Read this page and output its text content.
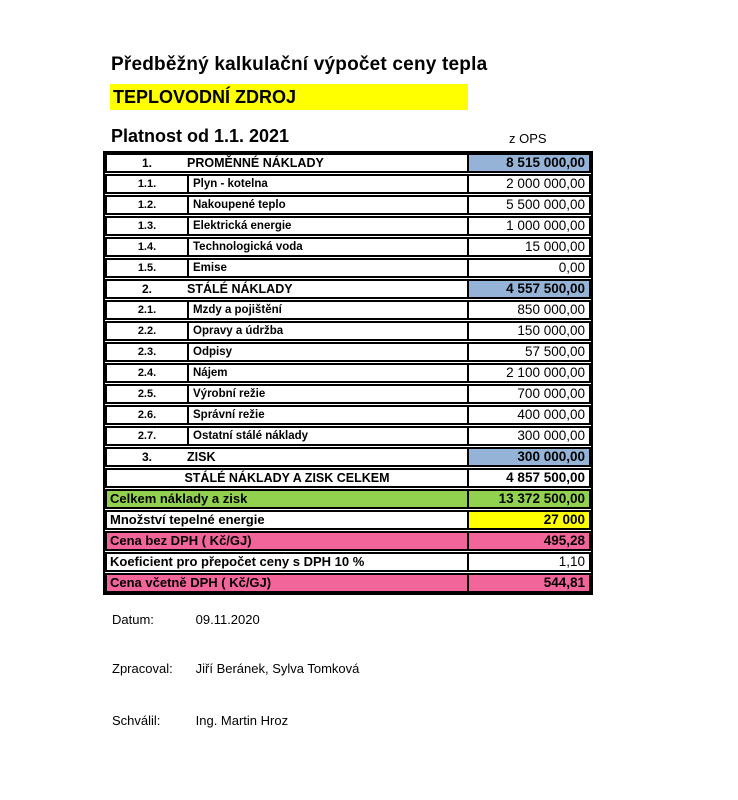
Předběžný kalkulační výpočet ceny tepla
TEPLOVODNÍ ZDROJ
Platnost od 1.1. 2021	z OPS
1.	PROMĚNNÉ NÁKLADY	8 515 000,00
1.1.	Plyn - kotelna	2 000 000,00
1.2.	Nakoupené teplo	5 500 000,00
1.3.	Elektrická energie	1 000 000,00
1.4.	Technologická voda	15 000,00
1.5.	Emise	0,00
2.	STÁLÉ NÁKLADY	4 557 500,00
2.1.	Mzdy a pojištění	850 000,00
2.2.	Opravy a údržba	150 000,00
2.3.	Odpisy	57 500,00
2.4.	Nájem	2 100 000,00
2.5.	Výrobní režie	700 000,00
2.6.	Správní režie	400 000,00
2.7.	Ostatní stálé náklady	300 000,00
3.	ZISK	300 000,00
STÁLÉ NÁKLADY A ZISK CELKEM	4 857 500,00
Celkem náklady a zisk	13 372 500,00
Množství tepelné energie	27 000
Cena bez DPH ( Kč/GJ)	495,28
Koeficient pro přepočet ceny s DPH 10 %	1,10
Cena včetně DPH ( Kč/GJ)	544,81
Datum:	09.11.2020
Zpracoval: Jiří Beránek, Sylva Tomková
Schválil:	Ing. Martin Hroz
